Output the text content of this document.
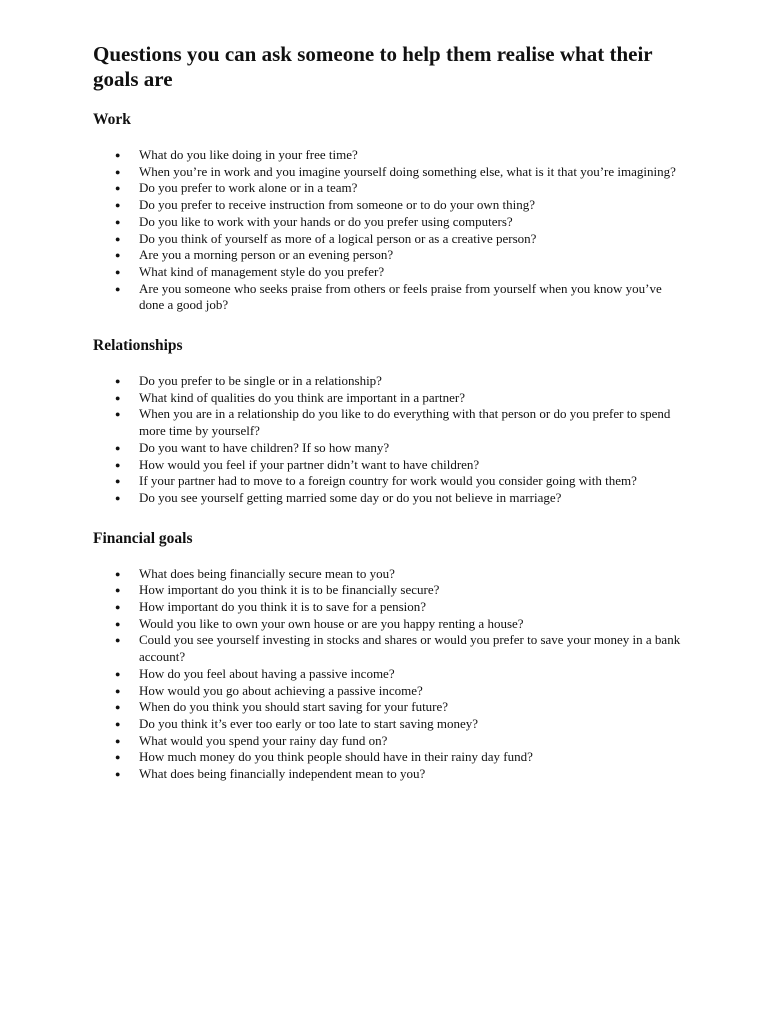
Questions you can ask someone to help them realise what their goals are
Work
● What do you like doing in your free time?
● When you’re in work and you imagine yourself doing something else, what is it that you’re imagining?
● Do you prefer to work alone or in a team?
● Do you prefer to receive instruction from someone or to do your own thing?
● Do you like to work with your hands or do you prefer using computers?
● Do you think of yourself as more of a logical person or as a creative person?
● Are you a morning person or an evening person?
● What kind of management style do you prefer?
● Are you someone who seeks praise from others or feels praise from yourself when you know you’ve done a good job?
Relationships
● Do you prefer to be single or in a relationship?
● What kind of qualities do you think are important in a partner?
● When you are in a relationship do you like to do everything with that person or do you prefer to spend more time by yourself?
● Do you want to have children? If so how many?
● How would you feel if your partner didn’t want to have children?
● If your partner had to move to a foreign country for work would you consider going with them?
● Do you see yourself getting married some day or do you not believe in marriage?
Financial goals
● What does being financially secure mean to you?
● How important do you think it is to be financially secure?
● How important do you think it is to save for a pension?
● Would you like to own your own house or are you happy renting a house?
● Could you see yourself investing in stocks and shares or would you prefer to save your money in a bank account?
● How do you feel about having a passive income?
● How would you go about achieving a passive income?
● When do you think you should start saving for your future?
● Do you think it’s ever too early or too late to start saving money?
● What would you spend your rainy day fund on?
● How much money do you think people should have in their rainy day fund?
● What does being financially independent mean to you?
